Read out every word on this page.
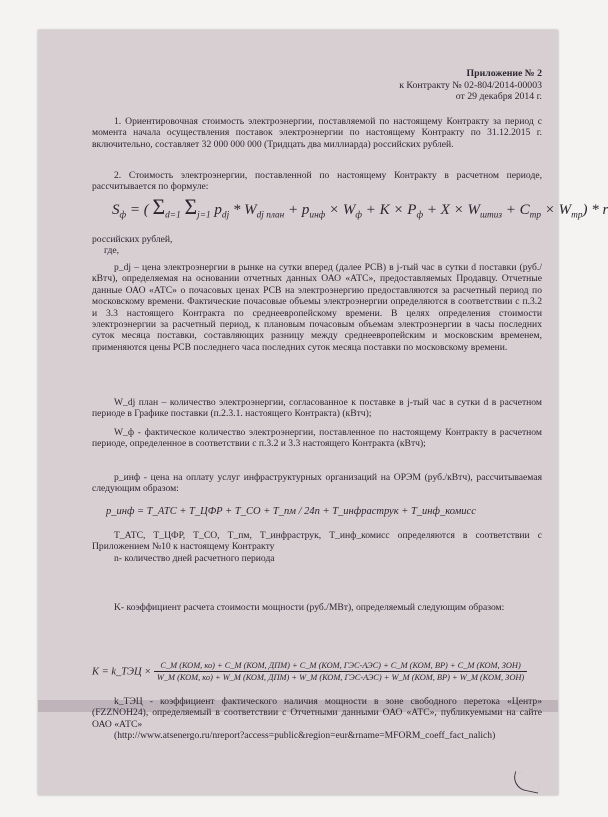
Приложение № 2
к Контракту № 02-804/2014-00003
от 29 декабря 2014 г.

1. Ориентировочная стоимость электроэнергии, поставляемой по настоящему Контракту за период с момента начала осуществления поставок электроэнергии по настоящему Контракту по 31.12.2015 г. включительно, составляет 32 000 000 000 (Тридцать два миллиарда) российских рублей.

2. Стоимость электроэнергии, поставленной по настоящему Контракту в расчетном периоде, рассчитывается по формуле:

$S_ф$ = ( $\Sigma_{d=1}$ $\Sigma_{j=1}$ $p_{dj} * W_{dj план} + p_{инф} \times W_ф + K \times P_ф + X \times W_{штиз} + C_{тр} \times W_{тр}) * r$

российских рублей,

где,

p_dj – цена электроэнергии в рынке на сутки вперед (далее РСВ) в j-тый час в сутки d поставки (руб./кВтч), определяемая на основании отчетных данных ОАО «АТС», предоставляемых Продавцу. Отчетные данные ОАО «АТС» о почасовых ценах РСВ на электроэнергию предоставляются за расчетный период по московскому времени. Фактические почасовые объемы электроэнергии определяются в соответствии с п.3.2 и 3.3 настоящего Контракта по среднеевропейскому времени. В целях определения стоимости электроэнергии за расчетный период, к плановым почасовым объемам электроэнергии в часы последних суток месяца поставки, составляющих разницу между среднеевропейским и московским временем, применяются цены РСВ последнего часа последних суток месяца поставки по московскому времени.

W_dj план – количество электроэнергии, согласованное к поставке в j-тый час в сутки d в расчетном периоде в Графике поставки (п.2.3.1. настоящего Контракта) (кВтч);

W_ф - фактическое количество электроэнергии, поставленное по настоящему Контракту в расчетном периоде, определенное в соответствии с п.3.2 и 3.3 настоящего Контракта (кВтч);

p_инф - цена на оплату услуг инфраструктурных организаций на ОРЭМ (руб./кВтч), рассчитываемая следующим образом:

p_инф = T_АТС + T_ЦФР + T_СО + T_пм / 24n + T_инфраструк + T_инф_комисс

T_АТС, T_ЦФР, T_СО, T_пм, T_инфраструк, T_инф_комисс определяются в соответствии с Приложением №10 к настоящему Контракту

n- количество дней расчетного периода

K- коэффициент расчета стоимости мощности (руб./МВт), определяемый следующим образом:

K = k_TЭЦ ×
C_M (КОМ, ко) + C_M (КОМ, ДПМ) + C_M (КОМ, ГЭС-АЭС) + C_M (КОМ, ВР) + C_M (КОМ, ЗОН)
W_M (КОМ, ко) + W_M (КОМ, ДПМ) + W_M (КОМ, ГЭС-АЭС) + W_M (КОМ, ВР) + W_M (КОМ, ЗОН)

k_TЭЦ - коэффициент фактического наличия мощности в зоне свободного перетока «Центр» (FZZNOH24), определяемый в соответствии с Отчетными данными ОАО «АТС», публикуемыми на сайте ОАО «АТС»

(http://www.atsenergo.ru/nreport?access=public&region=eur&rname=MFORM_coeff_fact_nalich)
